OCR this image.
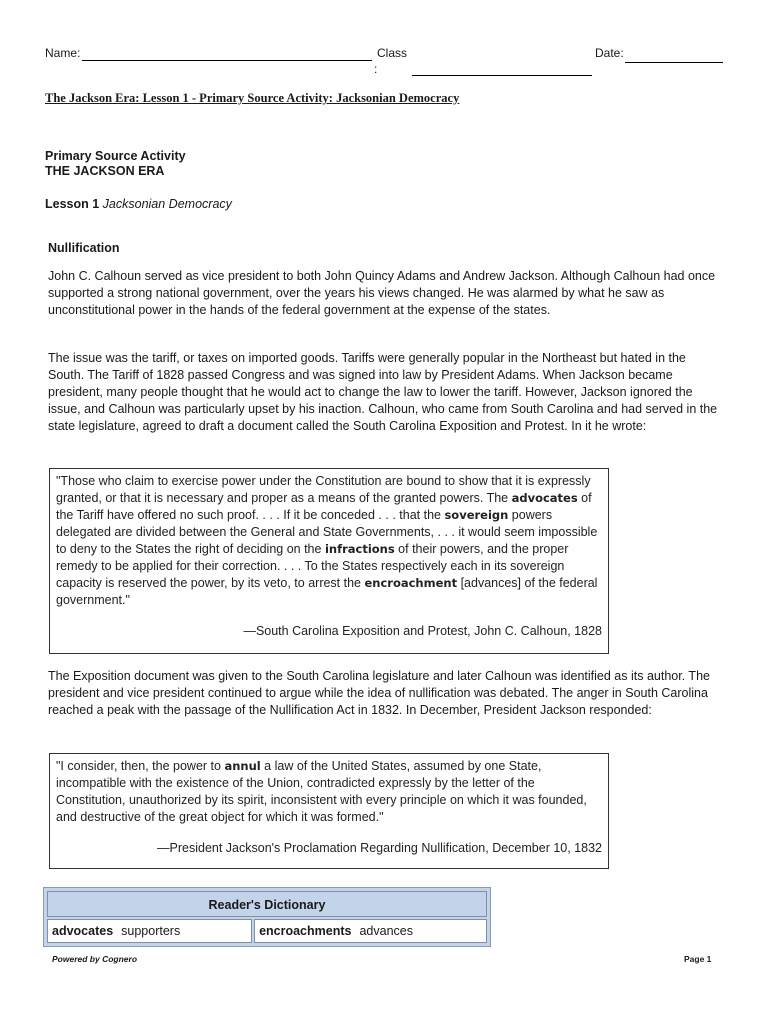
Name:	Class
:
Date:
The Jackson Era: Lesson 1 - Primary Source Activity: Jacksonian Democracy
Primary Source Activity
THE JACKSON ERA
Lesson 1 Jacksonian Democracy
Nullification
John C. Calhoun served as vice president to both John Quincy Adams and Andrew Jackson. Although Calhoun had once supported a strong national government, over the years his views changed. He was alarmed by what he saw as unconstitutional power in the hands of the federal government at the expense of the states.
The issue was the tariff, or taxes on imported goods. Tariffs were generally popular in the Northeast but hated in the South. The Tariff of 1828 passed Congress and was signed into law by President Adams. When Jackson became president, many people thought that he would act to change the law to lower the tariff. However, Jackson ignored the issue, and Calhoun was particularly upset by his inaction. Calhoun, who came from South Carolina and had served in the state legislature, agreed to draft a document called the South Carolina Exposition and Protest. In it he wrote:
"Those who claim to exercise power under the Constitution are bound to show that it is expressly granted, or that it is necessary and proper as a means of the granted powers. The advocates of the Tariff have offered no such proof. . . . If it be conceded . . . that the sovereign powers delegated are divided between the General and State Governments, . . . it would seem impossible to deny to the States the right of deciding on the infractions of their powers, and the proper remedy to be applied for their correction. . . . To the States respectively each in its sovereign capacity is reserved the power, by its veto, to arrest the encroachment [advances] of the federal government."
—South Carolina Exposition and Protest, John C. Calhoun, 1828
The Exposition document was given to the South Carolina legislature and later Calhoun was identified as its author. The president and vice president continued to argue while the idea of nullification was debated. The anger in South Carolina reached a peak with the passage of the Nullification Act in 1832. In December, President Jackson responded:
"I consider, then, the power to annul a law of the United States, assumed by one State, incompatible with the existence of the Union, contradicted expressly by the letter of the Constitution, unauthorized by its spirit, inconsistent with every principle on which it was founded, and destructive of the great object for which it was formed."
—President Jackson's Proclamation Regarding Nullification, December 10, 1832
Reader's Dictionary
advocates supporters	encroachments advances
Powered by Cognero	Page 1
